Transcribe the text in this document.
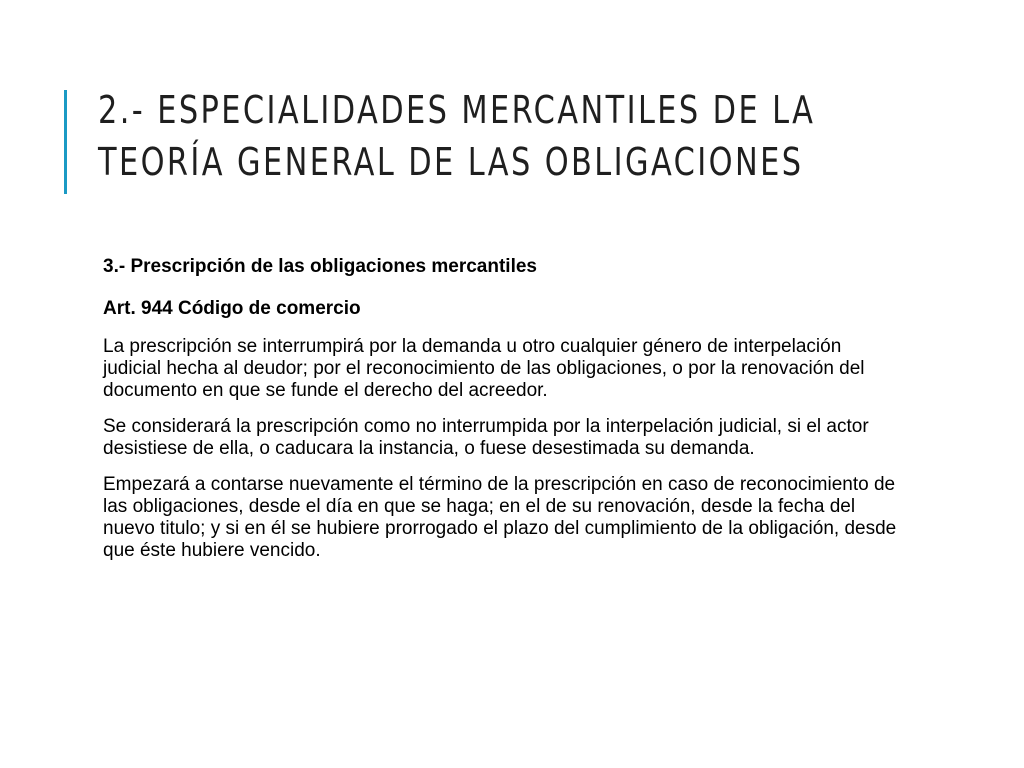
2.- ESPECIALIDADES MERCANTILES DE LA
TEORÍA GENERAL DE LAS OBLIGACIONES

3.- Prescripción de las obligaciones mercantiles

Art. 944 Código de comercio

La prescripción se interrumpirá por la demanda u otro cualquier género de interpelación judicial hecha al deudor; por el reconocimiento de las obligaciones, o por la renovación del documento en que se funde el derecho del acreedor.

Se considerará la prescripción como no interrumpida por la interpelación judicial, si el actor desistiese de ella, o caducara la instancia, o fuese desestimada su demanda.

Empezará a contarse nuevamente el término de la prescripción en caso de reconocimiento de las obligaciones, desde el día en que se haga; en el de su renovación, desde la fecha del nuevo titulo; y si en él se hubiere prorrogado el plazo del cumplimiento de la obligación, desde que éste hubiere vencido.
